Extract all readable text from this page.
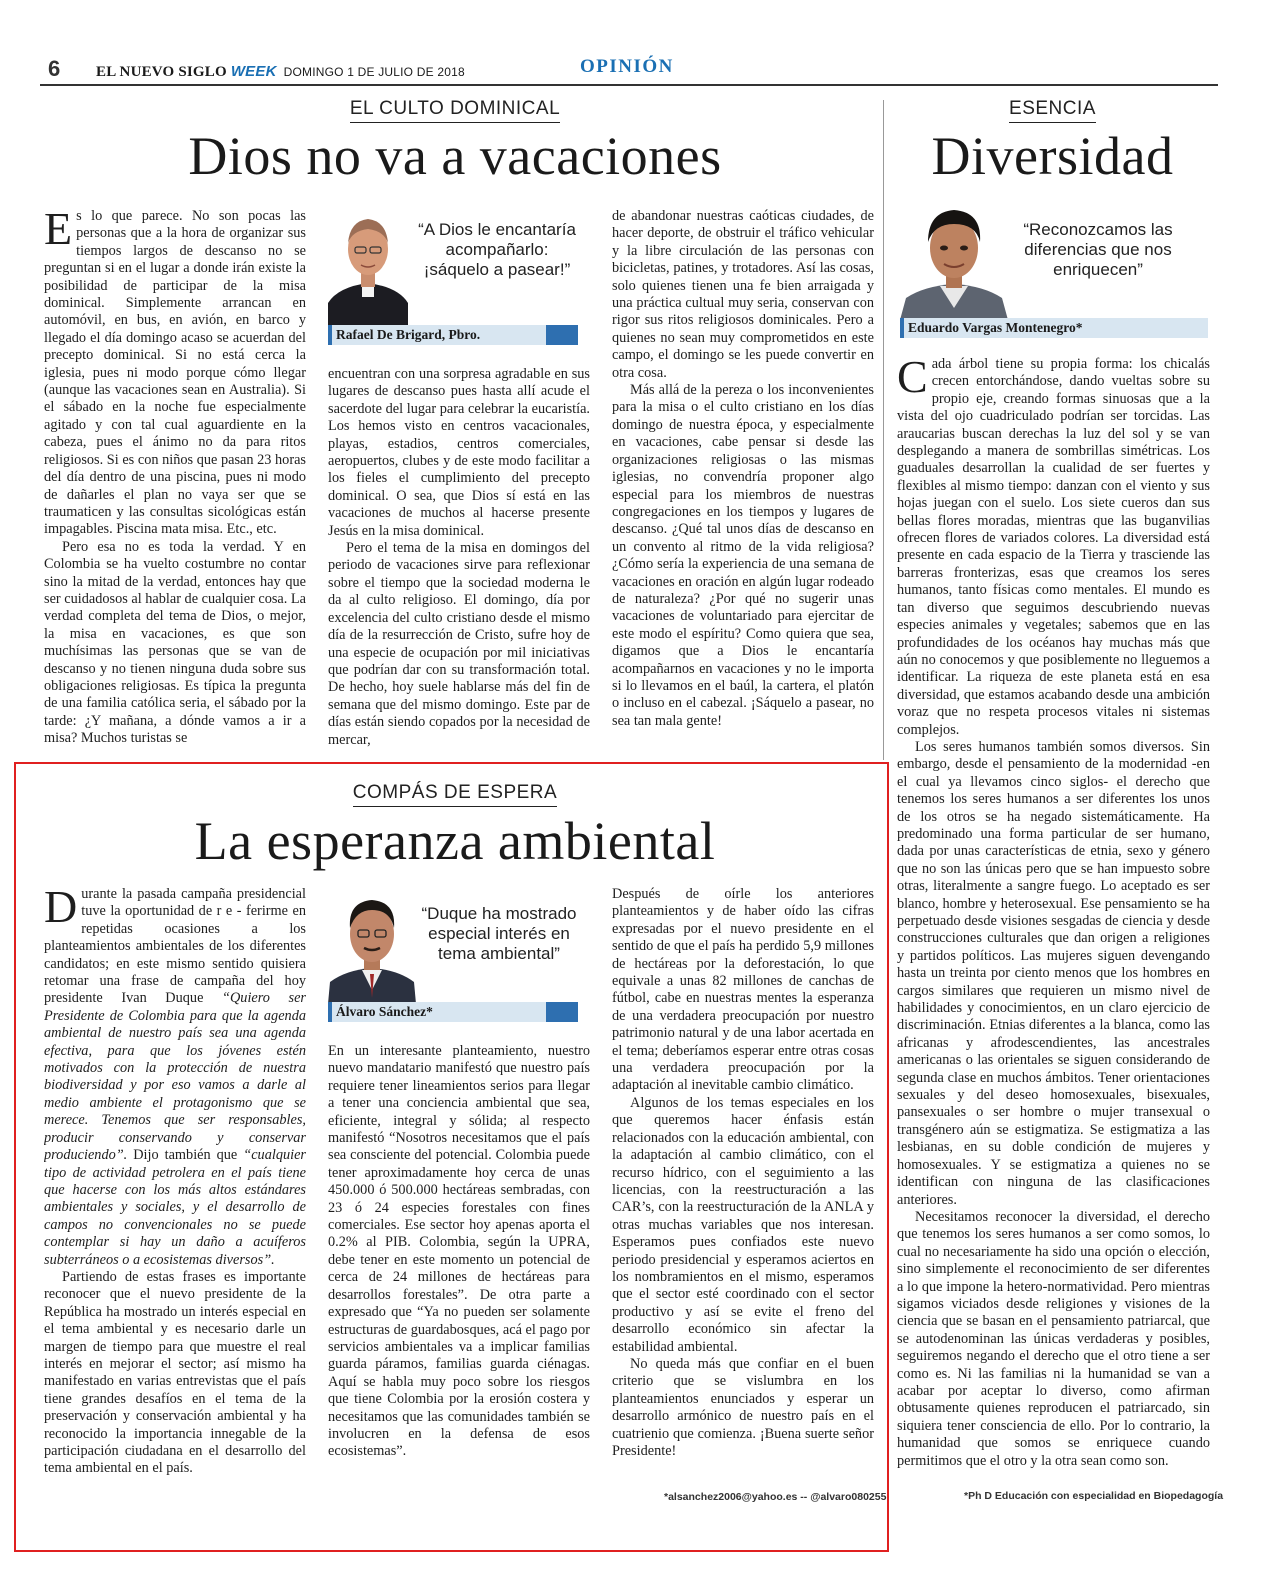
6 EL NUEVO SIGLO WEEK DOMINGO 1 DE JULIO DE 2018	OPINIÓN
EL CULTO DOMINICAL
Dios no va a vacaciones

Es lo que parece. No son pocas las personas que a la hora de organizar sus tiempos largos de descanso no se preguntan si en el lugar a donde irán existe la posibilidad de participar de la misa dominical. Simplemente arrancan en automóvil, en bus, en avión, en barco y llegado el día domingo acaso se acuerdan del precepto dominical. Si no está cerca la iglesia, pues ni modo porque cómo llegar (aunque las vacaciones sean en Australia). Si el sábado en la noche fue especialmente agitado y con tal cual aguardiente en la cabeza, pues el ánimo no da para ritos religiosos. Si es con niños que pasan 23 horas del día dentro de una piscina, pues ni modo de dañarles el plan no vaya ser que se traumaticen y las consultas sicológicas están impagables. Piscina mata misa. Etc., etc.

Pero esa no es toda la verdad. Y en Colombia se ha vuelto costumbre no contar sino la mitad de la verdad, entonces hay que ser cuidadosos al hablar de cualquier cosa. La verdad completa del tema de Dios, o mejor, la misa en vacaciones, es que son muchísimas las personas que se van de descanso y no tienen ninguna duda sobre sus obligaciones religiosas. Es típica la pregunta de una familia católica seria, el sábado por la tarde: ¿Y mañana, a dónde vamos a ir a misa? Muchos turistas se

“A Dios le encantaría acompañarlo: ¡sáquelo a pasear!”
Rafael De Brigard, Pbro.

encuentran con una sorpresa agradable en sus lugares de descanso pues hasta allí acude el sacerdote del lugar para celebrar la eucaristía. Los hemos visto en centros vacacionales, playas, estadios, centros comerciales, aeropuertos, clubes y de este modo facilitar a los fieles el cumplimiento del precepto dominical. O sea, que Dios sí está en las vacaciones de muchos al hacerse presente Jesús en la misa dominical.

Pero el tema de la misa en domingos del periodo de vacaciones sirve para reflexionar sobre el tiempo que la sociedad moderna le da al culto religioso. El domingo, día por excelencia del culto cristiano desde el mismo día de la resurrección de Cristo, sufre hoy de una especie de ocupación por mil iniciativas que podrían dar con su transformación total. De hecho, hoy suele hablarse más del fin de semana que del mismo domingo. Este par de días están siendo copados por la necesidad de mercar,

de abandonar nuestras caóticas ciudades, de hacer deporte, de obstruir el tráfico vehicular y la libre circulación de las personas con bicicletas, patines, y trotadores. Así las cosas, solo quienes tienen una fe bien arraigada y una práctica cultual muy seria, conservan con rigor sus ritos religiosos dominicales. Pero a quienes no sean muy comprometidos en este campo, el domingo se les puede convertir en otra cosa.

Más allá de la pereza o los inconvenientes para la misa o el culto cristiano en los días domingo de nuestra época, y especialmente en vacaciones, cabe pensar si desde las organizaciones religiosas o las mismas iglesias, no convendría proponer algo especial para los miembros de nuestras congregaciones en los tiempos y lugares de descanso. ¿Qué tal unos días de descanso en un convento al ritmo de la vida religiosa? ¿Cómo sería la experiencia de una semana de vacaciones en oración en algún lugar rodeado de naturaleza? ¿Por qué no sugerir unas vacaciones de voluntariado para ejercitar de este modo el espíritu? Como quiera que sea, digamos que a Dios le encantaría acompañarnos en vacaciones y no le importa si lo llevamos en el baúl, la cartera, el platón o incluso en el cabezal. ¡Sáquelo a pasear, no sea tan mala gente!

ESENCIA
Diversidad
“Reconozcamos las diferencias que nos enriquecen”
Eduardo Vargas Montenegro*

Cada árbol tiene su propia forma: los chicalás crecen entorchándose, dando vueltas sobre su propio eje, creando formas sinuosas que a la vista del ojo cuadriculado podrían ser torcidas. Las araucarias buscan derechas la luz del sol y se van desplegando a manera de sombrillas simétricas. Los guaduales desarrollan la cualidad de ser fuertes y flexibles al mismo tiempo: danzan con el viento y sus hojas juegan con el suelo. Los siete cueros dan sus bellas flores moradas, mientras que las buganvilias ofrecen flores de variados colores. La diversidad está presente en cada espacio de la Tierra y trasciende las barreras fronterizas, esas que creamos los seres humanos, tanto físicas como mentales. El mundo es tan diverso que seguimos descubriendo nuevas especies animales y vegetales; sabemos que en las profundidades de los océanos hay muchas más que aún no conocemos y que posiblemente no lleguemos a identificar. La riqueza de este planeta está en esa diversidad, que estamos acabando desde una ambición voraz que no respeta procesos vitales ni sistemas complejos.

Los seres humanos también somos diversos. Sin embargo, desde el pensamiento de la modernidad -en el cual ya llevamos cinco siglos- el derecho que tenemos los seres humanos a ser diferentes los unos de los otros se ha negado sistemáticamente. Ha predominado una forma particular de ser humano, dada por unas características de etnia, sexo y género que no son las únicas pero que se han impuesto sobre otras, literalmente a sangre fuego. Lo aceptado es ser blanco, hombre y heterosexual. Ese pensamiento se ha perpetuado desde visiones sesgadas de ciencia y desde construcciones culturales que dan origen a religiones y partidos políticos. Las mujeres siguen devengando hasta un treinta por ciento menos que los hombres en cargos similares que requieren un mismo nivel de habilidades y conocimientos, en un claro ejercicio de discriminación. Etnias diferentes a la blanca, como las africanas y afrodescendientes, las ancestrales americanas o las orientales se siguen considerando de segunda clase en muchos ámbitos. Tener orientaciones sexuales y del deseo homosexuales, bisexuales, pansexuales o ser hombre o mujer transexual o transgénero aún se estigmatiza. Se estigmatiza a las lesbianas, en su doble condición de mujeres y homosexuales. Y se estigmatiza a quienes no se identifican con ninguna de las clasificaciones anteriores.

Necesitamos reconocer la diversidad, el derecho que tenemos los seres humanos a ser como somos, lo cual no necesariamente ha sido una opción o elección, sino simplemente el reconocimiento de ser diferentes a lo que impone la hetero-normatividad. Pero mientras sigamos viciados desde religiones y visiones de la ciencia que se basan en el pensamiento patriarcal, que se autodenominan las únicas verdaderas y posibles, seguiremos negando el derecho que el otro tiene a ser como es. Ni las familias ni la humanidad se van a acabar por aceptar lo diverso, como afirman obtusamente quienes reproducen el patriarcado, sin siquiera tener consciencia de ello. Por lo contrario, la humanidad que somos se enriquece cuando permitimos que el otro y la otra sean como son.

*Ph D Educación con especialidad en Biopedagogía
COMPÁS DE ESPERA
La esperanza ambiental

Durante la pasada campaña presidencial tuve la oportunidad de r e - ferirme en repetidas ocasiones a los planteamientos ambientales de los diferentes candidatos; en este mismo sentido quisiera retomar una frase de campaña del hoy presidente Ivan Duque “Quiero ser Presidente de Colombia para que la agenda ambiental de nuestro país sea una agenda efectiva, para que los jóvenes estén motivados con la protección de nuestra biodiversidad y por eso vamos a darle al medio ambiente el protagonismo que se merece. Tenemos que ser responsables, producir conservando y conservar produciendo”. Dijo también que “cualquier tipo de actividad petrolera en el país tiene que hacerse con los más altos estándares ambientales y sociales, y el desarrollo de campos no convencionales no se puede contemplar si hay un daño a acuíferos subterráneos o a ecosistemas diversos”.

Partiendo de estas frases es importante reconocer que el nuevo presidente de la República ha mostrado un interés especial en el tema ambiental y es necesario darle un margen de tiempo para que muestre el real interés en mejorar el sector; así mismo ha manifestado en varias entrevistas que el país tiene grandes desafíos en el tema de la preservación y conservación ambiental y ha reconocido la importancia innegable de la participación ciudadana en el desarrollo del tema ambiental en el país.

“Duque ha mostrado especial interés en tema ambiental”
Álvaro Sánchez*

En un interesante planteamiento, nuestro nuevo mandatario manifestó que nuestro país requiere tener lineamientos serios para llegar a tener una conciencia ambiental que sea, eficiente, integral y sólida; al respecto manifestó “Nosotros necesitamos que el país sea consciente del potencial. Colombia puede tener aproximadamente hoy cerca de unas 450.000 ó 500.000 hectáreas sembradas, con 23 ó 24 especies forestales con fines comerciales. Ese sector hoy apenas aporta el 0.2% al PIB. Colombia, según la UPRA, debe tener en este momento un potencial de cerca de 24 millones de hectáreas para desarrollos forestales”. De otra parte a expresado que “Ya no pueden ser solamente estructuras de guardabosques, acá el pago por servicios ambientales va a implicar familias guarda páramos, familias guarda ciénagas. Aquí se habla muy poco sobre los riesgos que tiene Colombia por la erosión costera y necesitamos que las comunidades también se involucren en la defensa de esos ecosistemas”.

Después de oírle los anteriores planteamientos y de haber oído las cifras expresadas por el nuevo presidente en el sentido de que el país ha perdido 5,9 millones de hectáreas por la deforestación, lo que equivale a unas 82 millones de canchas de fútbol, cabe en nuestras mentes la esperanza de una verdadera preocupación por nuestro patrimonio natural y de una labor acertada en el tema; deberíamos esperar entre otras cosas una verdadera preocupación por la adaptación al inevitable cambio climático.

Algunos de los temas especiales en los que queremos hacer énfasis están relacionados con la educación ambiental, con la adaptación al cambio climático, con el recurso hídrico, con el seguimiento a las licencias, con la reestructuración a las CAR’s, con la reestructuración de la ANLA y otras muchas variables que nos interesan. Esperamos pues confiados este nuevo periodo presidencial y esperamos aciertos en los nombramientos en el mismo, esperamos que el sector esté coordinado con el sector productivo y así se evite el freno del desarrollo económico sin afectar la estabilidad ambiental.

No queda más que confiar en el buen criterio que se vislumbra en los planteamientos enunciados y esperar un desarrollo armónico de nuestro país en el cuatrienio que comienza. ¡Buena suerte señor Presidente!

*alsanchez2006@yahoo.es -- @alvaro080255
